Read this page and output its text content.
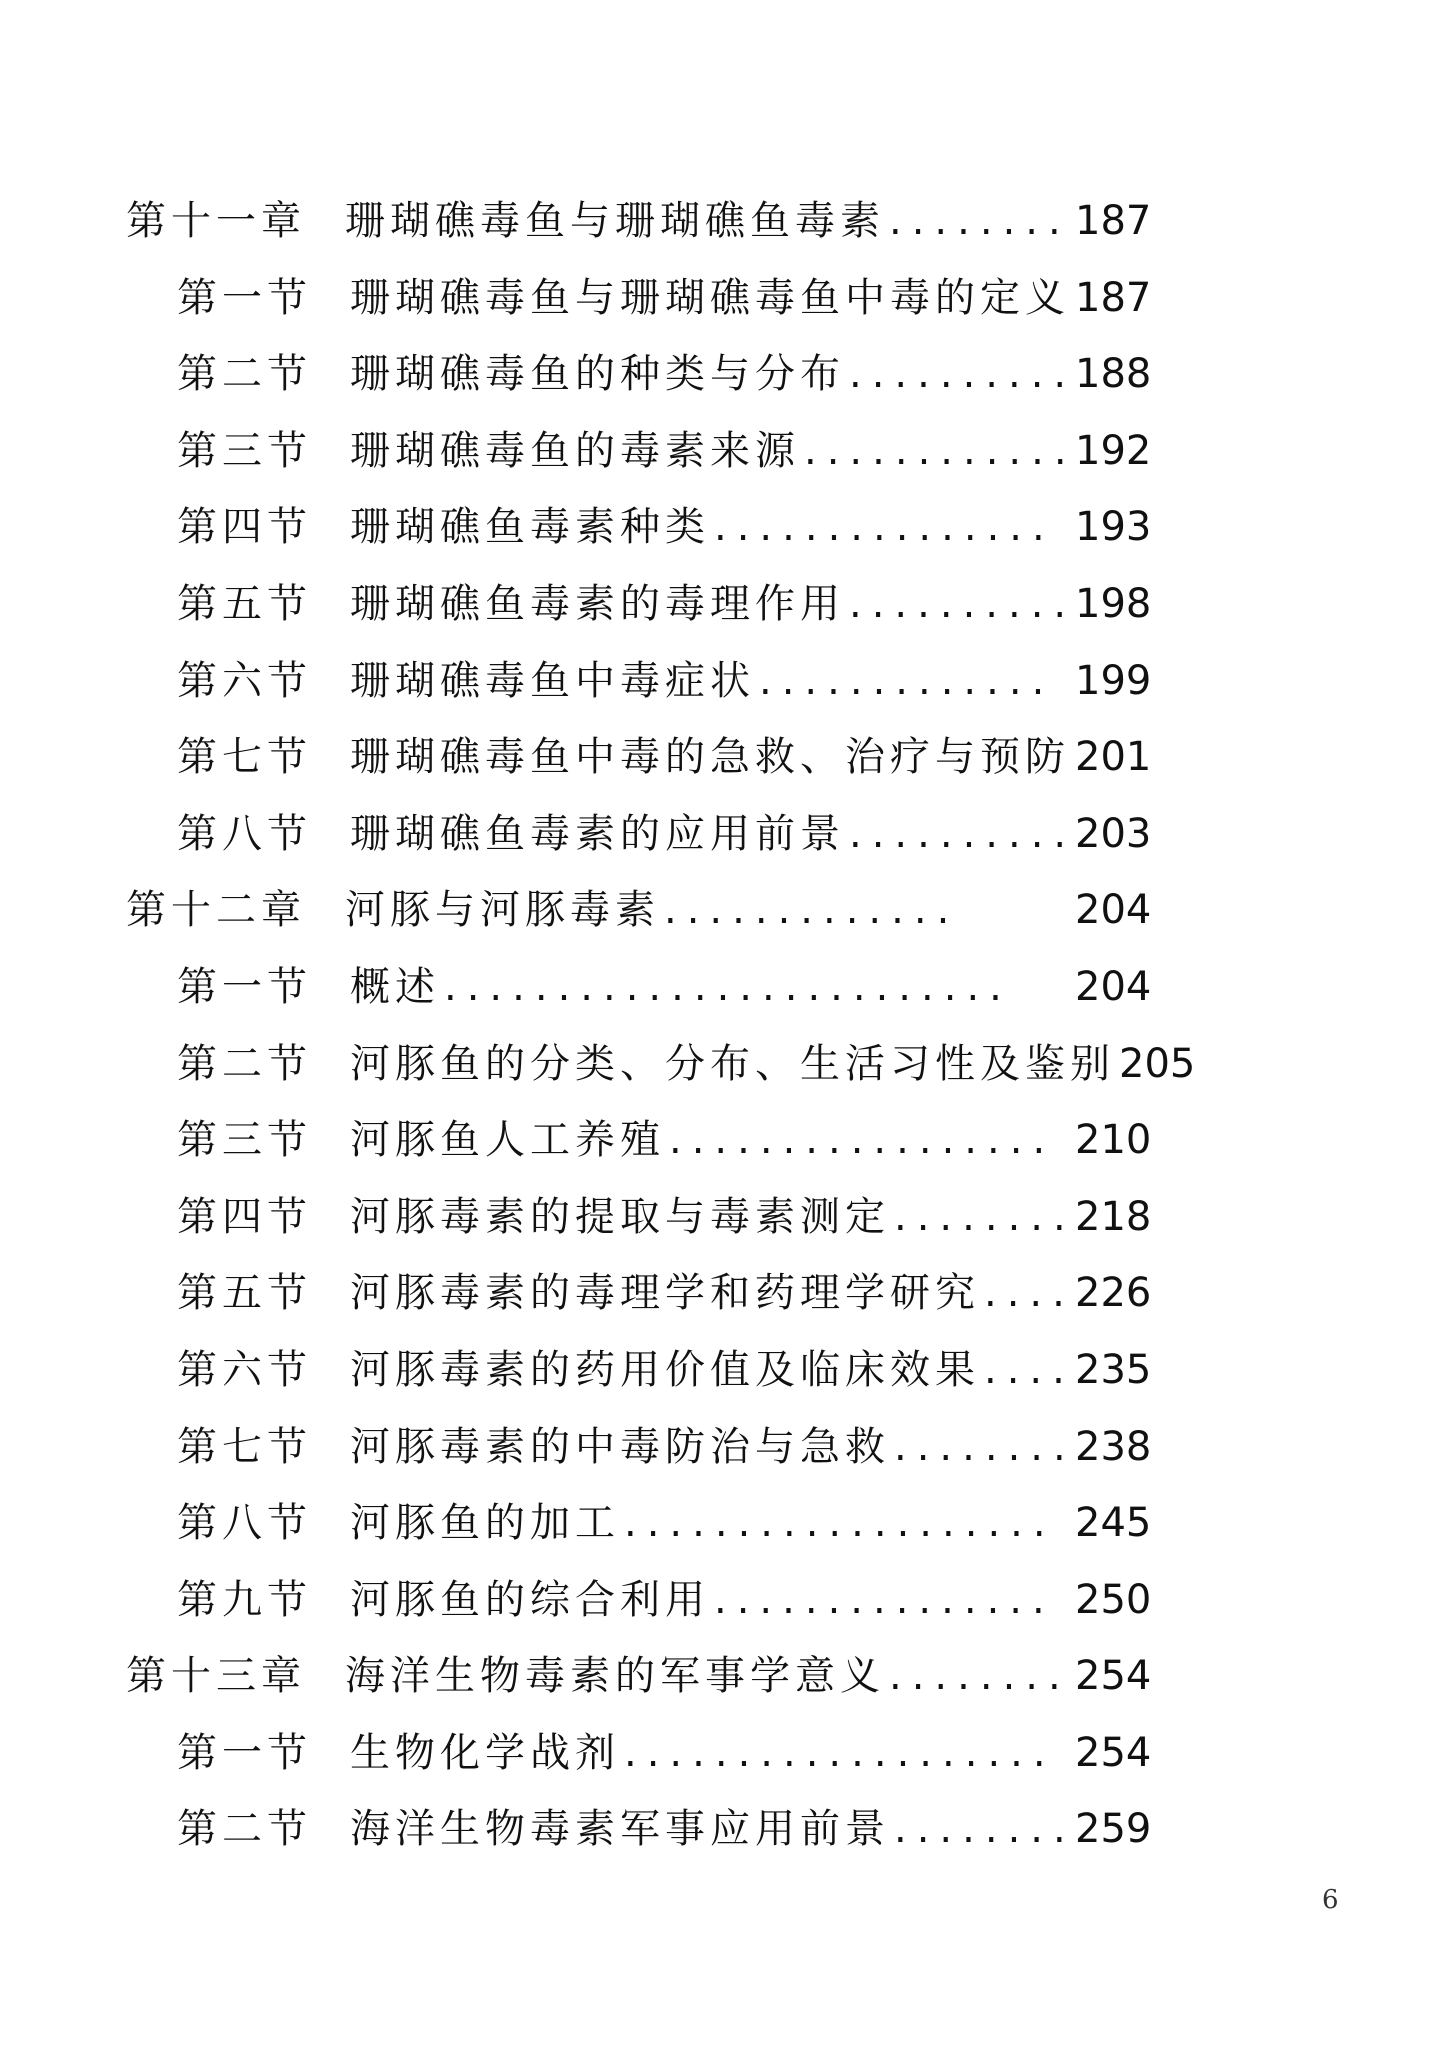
第十一章 珊瑚礁毒鱼与珊瑚礁鱼毒素 ........ 187
第一节 珊瑚礁毒鱼与珊瑚礁毒鱼中毒的定义 187
第二节 珊瑚礁毒鱼的种类与分布 ..........
188
第三节 珊瑚礁毒鱼的毒素来源 ............
192
第四节 珊瑚礁鱼毒素种类 ............... 193
第五节 珊瑚礁鱼毒素的毒理作用 ..........
198
第六节 珊瑚礁毒鱼中毒症状 ............. 199
第七节 珊瑚礁毒鱼中毒的急救、治疗与预防 201
第八节 珊瑚礁鱼毒素的应用前景 ..........
203
第十二章 河豚与河豚毒素 .............	204
第一节 概述 .........................	204
第二节 河豚鱼的分类、分布、生活习性及鉴别 205
第三节 河豚鱼人工养殖 ................. 210
第四节 河豚毒素的提取与毒素测定 ........ 218
第五节 河豚毒素的毒理学和药理学研究 .... 226
第六节 河豚毒素的药用价值及临床效果 .... 235
第七节 河豚毒素的中毒防治与急救 ........ 238
第八节 河豚鱼的加工 ................... 245
第九节 河豚鱼的综合利用 ............... 250
第十三章 海洋生物毒素的军事学意义 ........ 254
第一节 生物化学战剂 ................... 254
第二节 海洋生物毒素军事应用前景 ........ 259
6
